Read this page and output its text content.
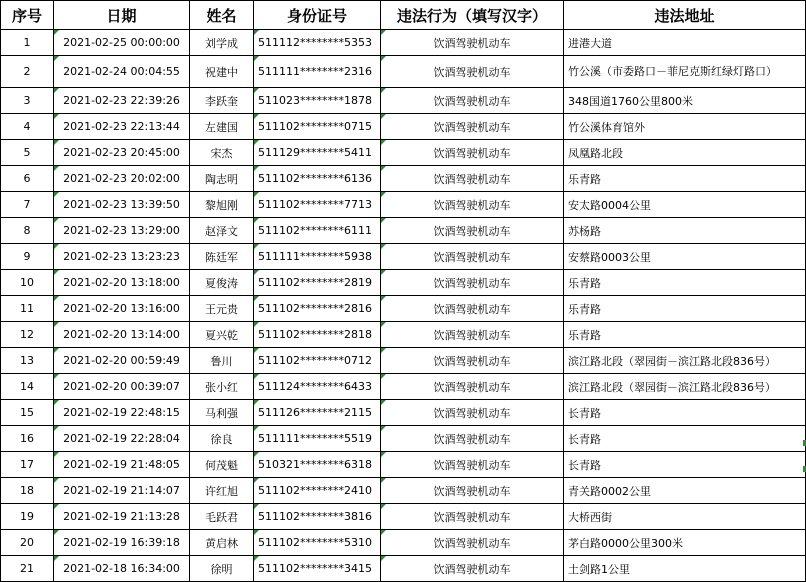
序号	日期	姓名	身份证号	违法行为（填写汉字）	违法地址
1	2021-02-25 00:00:00	刘学成	511112********5353	饮酒驾驶机动车	进港大道
2	2021-02-24 00:04:55	祝建中	511111********2316	饮酒驾驶机动车	竹公溪（市委路口－菲尼克斯红绿灯路口）
3	2021-02-23 22:39:26	李跃奎	511023********1878	饮酒驾驶机动车	348国道1760公里800米
4	2021-02-23 22:13:44	左建国	511102********0715	饮酒驾驶机动车	竹公溪体育馆外
5	2021-02-23 20:45:00	宋杰	511129********5411	饮酒驾驶机动车	凤凰路北段
6	2021-02-23 20:02:00	陶志明	511102********6136	饮酒驾驶机动车	乐青路
7	2021-02-23 13:39:50	黎旭刚	511102********7713	饮酒驾驶机动车	安太路0004公里
8	2021-02-23 13:29:00	赵泽文	511102********6111	饮酒驾驶机动车	苏杨路
9	2021-02-23 13:23:23	陈廷军	511111********5938	饮酒驾驶机动车	安蔡路0003公里
10	2021-02-20 13:18:00	夏俊涛	511102********2819	饮酒驾驶机动车	乐青路
11	2021-02-20 13:16:00	王元贵	511102********2816	饮酒驾驶机动车	乐青路
12	2021-02-20 13:14:00	夏兴乾	511102********2818	饮酒驾驶机动车	乐青路
13	2021-02-20 00:59:49	鲁川	511102********0712	饮酒驾驶机动车	滨江路北段（翠园街－滨江路北段836号）
14	2021-02-20 00:39:07	张小红	511124********6433	饮酒驾驶机动车	滨江路北段（翠园街－滨江路北段836号）
15	2021-02-19 22:48:15	马利强	511126********2115	饮酒驾驶机动车	长青路
16	2021-02-19 22:28:04	徐良	511111********5519	饮酒驾驶机动车	长青路
17	2021-02-19 21:48:05	何茂魁	510321********6318	饮酒驾驶机动车	长青路
18	2021-02-19 21:14:07	许红旭	511102********2410	饮酒驾驶机动车	青关路0002公里
19	2021-02-19 21:13:28	毛跃君	511102********3816	饮酒驾驶机动车	大桥西街
20	2021-02-19 16:39:18	黄启林	511102********5310	饮酒驾驶机动车	茅白路0000公里300米
21	2021-02-18 16:34:00	徐明	511102********3415	饮酒驾驶机动车	土剑路1公里
